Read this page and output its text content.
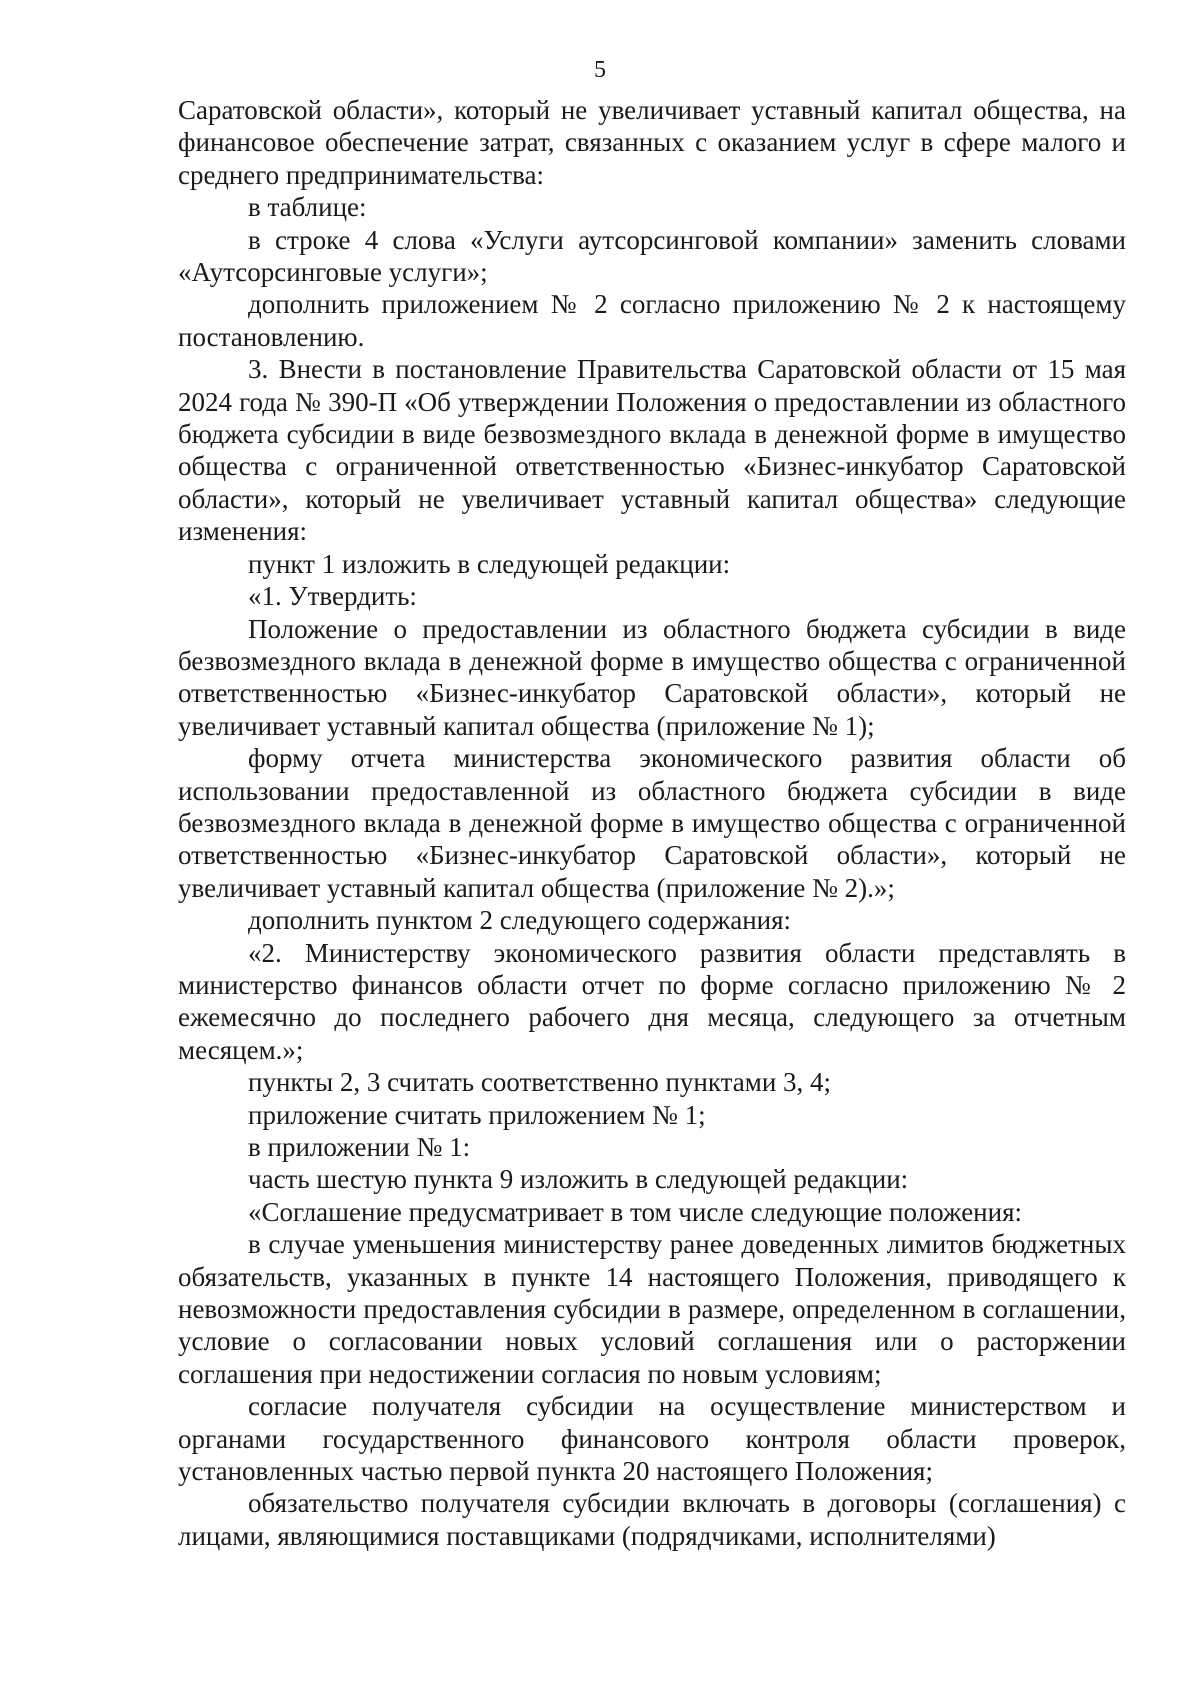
5

Саратовской области», который не увеличивает уставный капитал общества, на финансовое обеспечение затрат, связанных с оказанием услуг в сфере малого и среднего предпринимательства:

в таблице:

в строке 4 слова «Услуги аутсорсинговой компании» заменить словами «Аутсорсинговые услуги»;

дополнить приложением № 2 согласно приложению № 2 к настоящему постановлению.

3. Внести в постановление Правительства Саратовской области от 15 мая 2024 года № 390-П «Об утверждении Положения о предоставлении из областного бюджета субсидии в виде безвозмездного вклада в денежной форме в имущество общества с ограниченной ответственностью «Бизнес-инкубатор Саратовской области», который не увеличивает уставный капитал общества» следующие изменения:

пункт 1 изложить в следующей редакции:

«1. Утвердить:

Положение о предоставлении из областного бюджета субсидии в виде безвозмездного вклада в денежной форме в имущество общества с ограниченной ответственностью «Бизнес-инкубатор Саратовской области», который не увеличивает уставный капитал общества (приложение № 1);

форму отчета министерства экономического развития области об использовании предоставленной из областного бюджета субсидии в виде безвозмездного вклада в денежной форме в имущество общества с ограниченной ответственностью «Бизнес-инкубатор Саратовской области», который не увеличивает уставный капитал общества (приложение № 2).»;

дополнить пунктом 2 следующего содержания:

«2. Министерству экономического развития области представлять в министерство финансов области отчет по форме согласно приложению № 2 ежемесячно до последнего рабочего дня месяца, следующего за отчетным месяцем.»;

пункты 2, 3 считать соответственно пунктами 3, 4;

приложение считать приложением № 1;

в приложении № 1:

часть шестую пункта 9 изложить в следующей редакции:

«Соглашение предусматривает в том числе следующие положения:

в случае уменьшения министерству ранее доведенных лимитов бюджетных обязательств, указанных в пункте 14 настоящего Положения, приводящего к невозможности предоставления субсидии в размере, определенном в соглашении, условие о согласовании новых условий соглашения или о расторжении соглашения при недостижении согласия по новым условиям;

согласие получателя субсидии на осуществление министерством и органами государственного финансового контроля области проверок, установленных частью первой пункта 20 настоящего Положения;

обязательство получателя субсидии включать в договоры (соглашения) с лицами, являющимися поставщиками (подрядчиками, исполнителями)
